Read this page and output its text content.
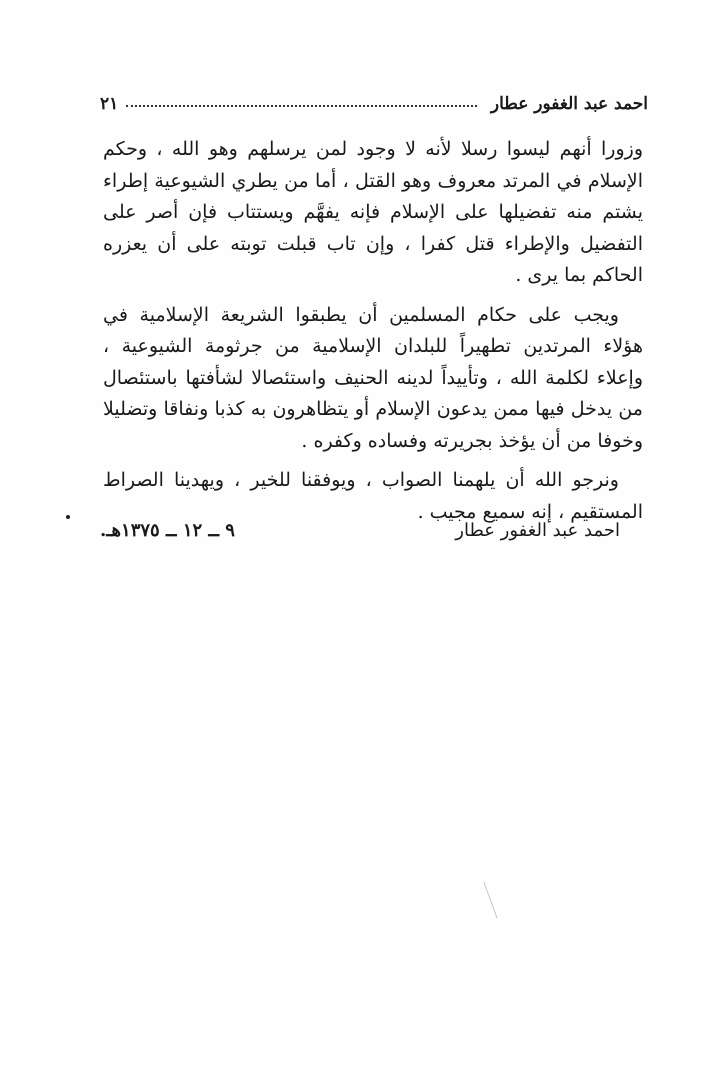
احمد عبد الغفور عطار
٢١

وزورا أنهم ليسوا رسلا لأنه لا وجود لمن يرسلهم وهو الله ، وحكم الإسلام في المرتد معروف وهو القتل ، أما من يطري الشيوعية إطراء يشتم منه تفضيلها على الإسلام فإنه يفهَّم ويستتاب فإن أصر على التفضيل والإطراء قتل كفرا ، وإن تاب قبلت توبته على أن يعزره الحاكم بما يرى .

ويجب على حكام المسلمين أن يطبقوا الشريعة الإسلامية في هؤلاء المرتدين تطهيراً للبلدان الإسلامية من جرثومة الشيوعية ، وإعلاء لكلمة الله ، وتأييداً لدينه الحنيف واستئصالا لشأفتها باستئصال من يدخل فيها ممن يدعون الإسلام أو يتظاهرون به كذبا ونفاقا وتضليلا وخوفا من أن يؤخذ بجريرته وفساده وكفره .

ونرجو الله أن يلهمنا الصواب ، ويوفقنا للخير ، ويهدينا الصراط المستقيم ، إنه سميع مجيب .

احمد عبد الغفور عطار
٩ ــ ١٢ ــ ١٣٧٥هـ.
